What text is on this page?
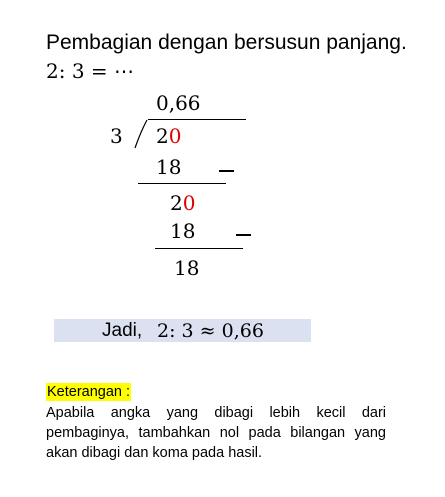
Pembagian dengan bersusun panjang.
2: 3 = ⋯
0,66
3 20
18
20
18
18
Jadi, 2: 3 ≈ 0,66
Keterangan :
Apabila angka yang dibagi lebih kecil dari pembaginya, tambahkan nol pada bilangan yang akan dibagi dan koma pada hasil.
